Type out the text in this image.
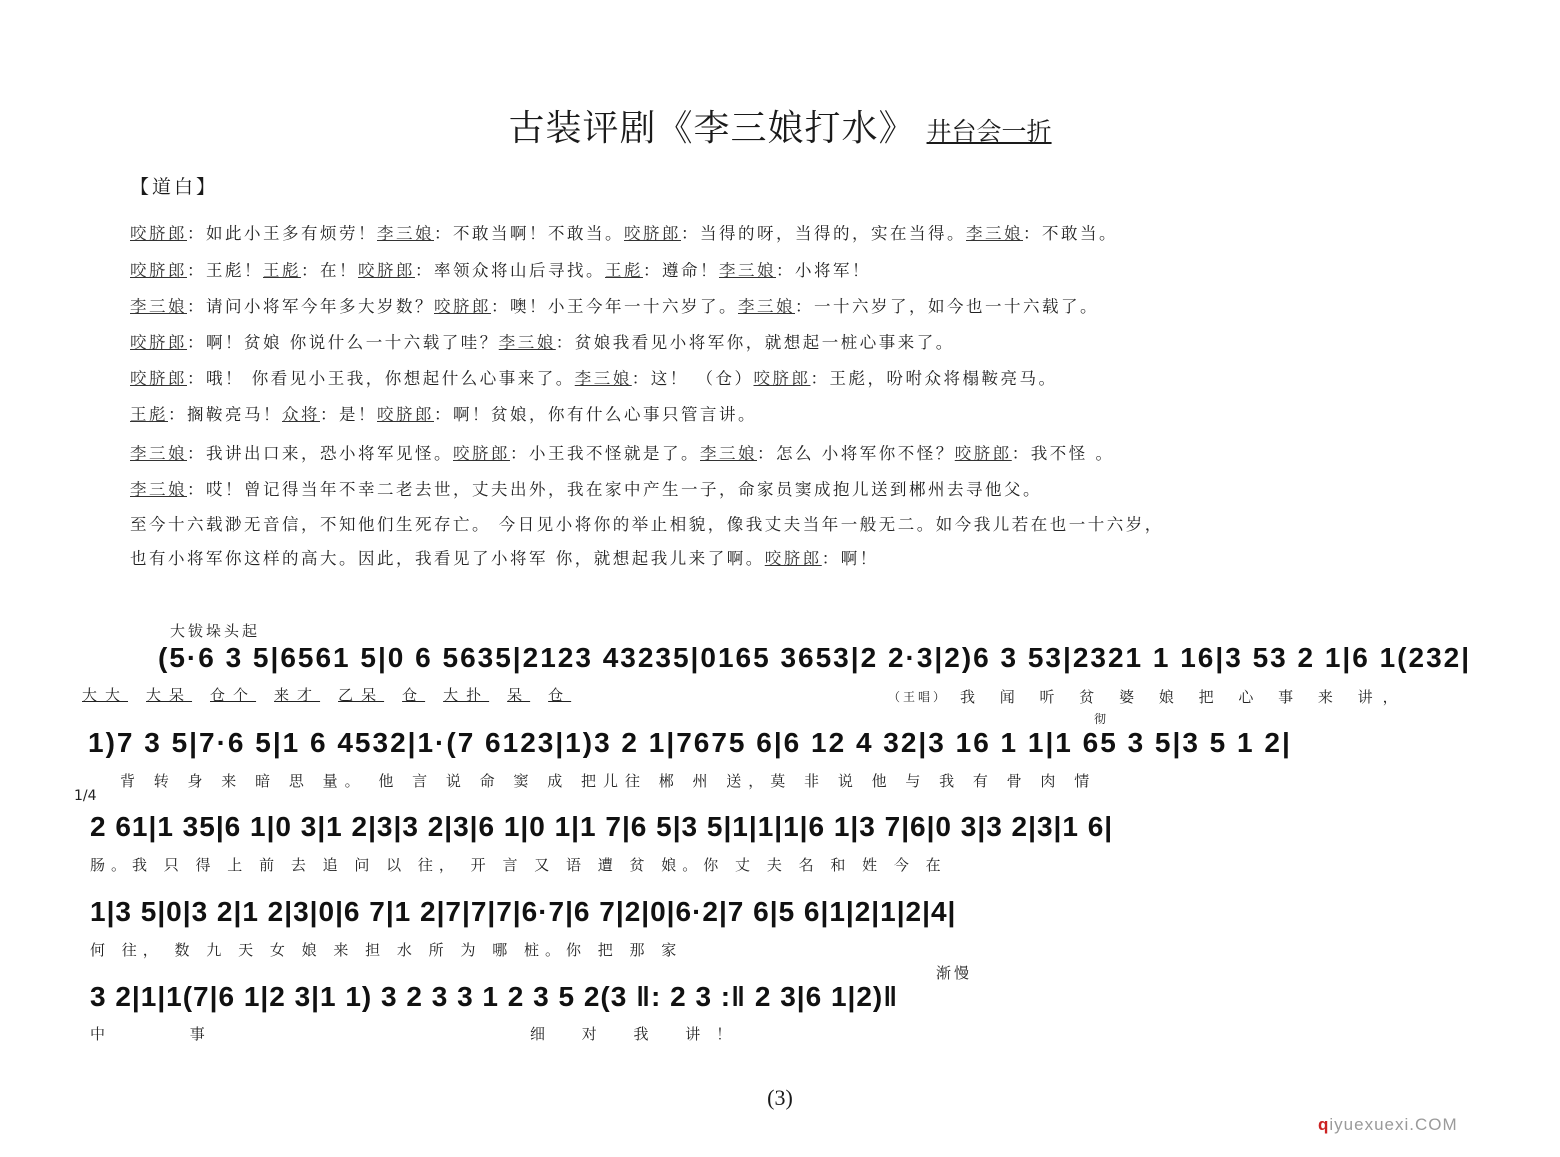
古装评剧《李三娘打水》 井台会一折
【道白】
咬脐郎：如此小王多有烦劳！李三娘：不敢当啊！不敢当。咬脐郎：当得的呀，当得的，实在当得。李三娘：不敢当。
咬脐郎：王彪！王彪：在！咬脐郎：率领众将山后寻找。王彪：遵命！李三娘：小将军！
李三娘：请问小将军今年多大岁数？咬脐郎：噢！小王今年一十六岁了。李三娘：一十六岁了，如今也一十六载了。
咬脐郎：啊！贫娘 你说什么一十六载了哇？李三娘：贫娘我看见小将军你，就想起一桩心事来了。
咬脐郎：哦！ 你看见小王我，你想起什么心事来了。李三娘：这！ （仓）咬脐郎：王彪，吩咐众将榻鞍亮马。
王彪：搁鞍亮马！众将：是！咬脐郎：啊！贫娘，你有什么心事只管言讲。
李三娘：我讲出口来，恐小将军见怪。咬脐郎：小王我不怪就是了。李三娘：怎么 小将军你不怪？咬脐郎：我不怪 。
李三娘：哎！曾记得当年不幸二老去世，丈夫出外，我在家中产生一子，命家员窦成抱儿送到郴州去寻他父。
至今十六载渺无音信，不知他们生死存亡。 今日见小将你的举止相貌，像我丈夫当年一般无二。如今我儿若在也一十六岁，
也有小将军你这样的高大。因此，我看见了小将军 你，就想起我儿来了啊。咬脐郎：啊！
大钹垛头起
(5·6 3 5|6561 5|0 6 5635|2123 43235|0165 3653|2 2·3|2)6 3 53|2321 1 16|3 53 2 1|6 1(232|
大大 大呆 仓个 来才 乙呆 仓 大扑 呆 仓	（王唱） 我 闻 听 贫 婆 娘 把 心 事 来 讲，
彻
1)7 3 5|7·6 5|1 6 4532|1·(7 6123|1)3 2 1|7675 6|6 12 4 32|3 16 1 1|1 65 3 5|3 5 1 2|
背 转 身 来 暗 思 量。 他 言 说 命 窦 成 把儿往 郴 州 送，莫 非 说 他 与 我 有 骨 肉 情
1/4
2 61|1 35|6 1|0 3|1 2|3|3 2|3|6 1|0 1|1 7|6 5|3 5|1|1|1|6 1|3 7|6|0 3|3 2|3|1 6|
肠。我 只 得 上 前 去 追 问 以 往， 开 言 又 语 遭 贫 娘。你 丈 夫 名 和 姓 今 在
1|3 5|0|3 2|1 2|3|0|6 7|1 2|7|7|7|6·7|6 7|2|0|6·2|7 6|5 6|1|2|1|2|4|
何 往， 数 九 天 女 娘 来 担 水 所 为 哪 桩。你 把 那 家
渐慢
3 2|1|1(7|6 1|2 3|1 1) 3 2 3 3 1 2 3 5 2(3 ‖: 2 3 :‖ 2 3|6 1|2)‖
中 事	细 对 我 讲！
(3)
qiyuexuexi.COM
